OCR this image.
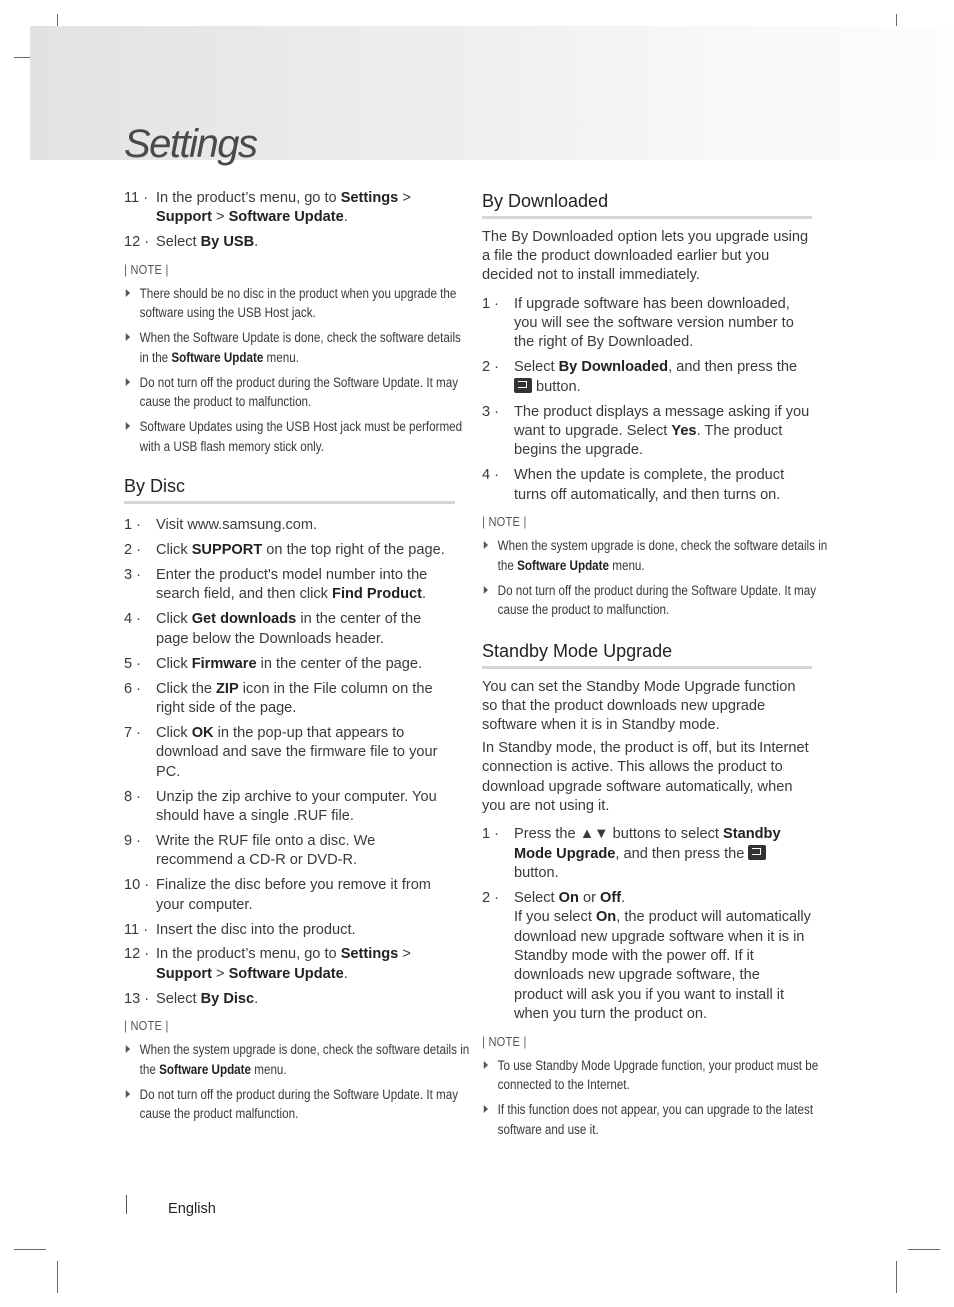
Settings
11 · In the product’s menu, go to Settings > Support > Software Update.
12 · Select By USB.
| NOTE |
There should be no disc in the product when you upgrade the software using the USB Host jack.
When the Software Update is done, check the software details in the Software Update menu.
Do not turn off the product during the Software Update. It may cause the product to malfunction.
Software Updates using the USB Host jack must be performed with a USB flash memory stick only.
By Disc
1 · Visit www.samsung.com.
2 · Click SUPPORT on the top right of the page.
3 · Enter the product's model number into the search field, and then click Find Product.
4 · Click Get downloads in the center of the page below the Downloads header.
5 · Click Firmware in the center of the page.
6 · Click the ZIP icon in the File column on the right side of the page.
7 · Click OK in the pop-up that appears to download and save the firmware file to your PC.
8 · Unzip the zip archive to your computer. You should have a single .RUF file.
9 · Write the RUF file onto a disc. We recommend a CD-R or DVD-R.
10 · Finalize the disc before you remove it from your computer.
11 · Insert the disc into the product.
12 · In the product’s menu, go to Settings > Support > Software Update.
13 · Select By Disc.
| NOTE |
When the system upgrade is done, check the software details in the Software Update menu.
Do not turn off the product during the Software Update. It may cause the product malfunction.
By Downloaded

The By Downloaded option lets you upgrade using a file the product downloaded earlier but you decided not to install immediately.

1 · If upgrade software has been downloaded, you will see the software version number to the right of By Downloaded.
2 · Select By Downloaded, and then press the  button.
3 · The product displays a message asking if you want to upgrade. Select Yes. The product begins the upgrade.
4 · When the update is complete, the product turns off automatically, and then turns on.
| NOTE |
When the system upgrade is done, check the software details in the Software Update menu.
Do not turn off the product during the Software Update. It may cause the product to malfunction.
Standby Mode Upgrade

You can set the Standby Mode Upgrade function so that the product downloads new upgrade software when it is in Standby mode.

In Standby mode, the product is off, but its Internet connection is active. This allows the product to download upgrade software automatically, when you are not using it.

1 · Press the ▲▼ buttons to select Standby Mode Upgrade, and then press the  button.
2 · Select On or Off.
If you select On, the product will automatically download new upgrade software when it is in Standby mode with the power off. If it downloads new upgrade software, the product will ask you if you want to install it when you turn the product on.
| NOTE |
To use Standby Mode Upgrade function, your product must be connected to the Internet.
If this function does not appear, you can upgrade to the latest software and use it.
English
